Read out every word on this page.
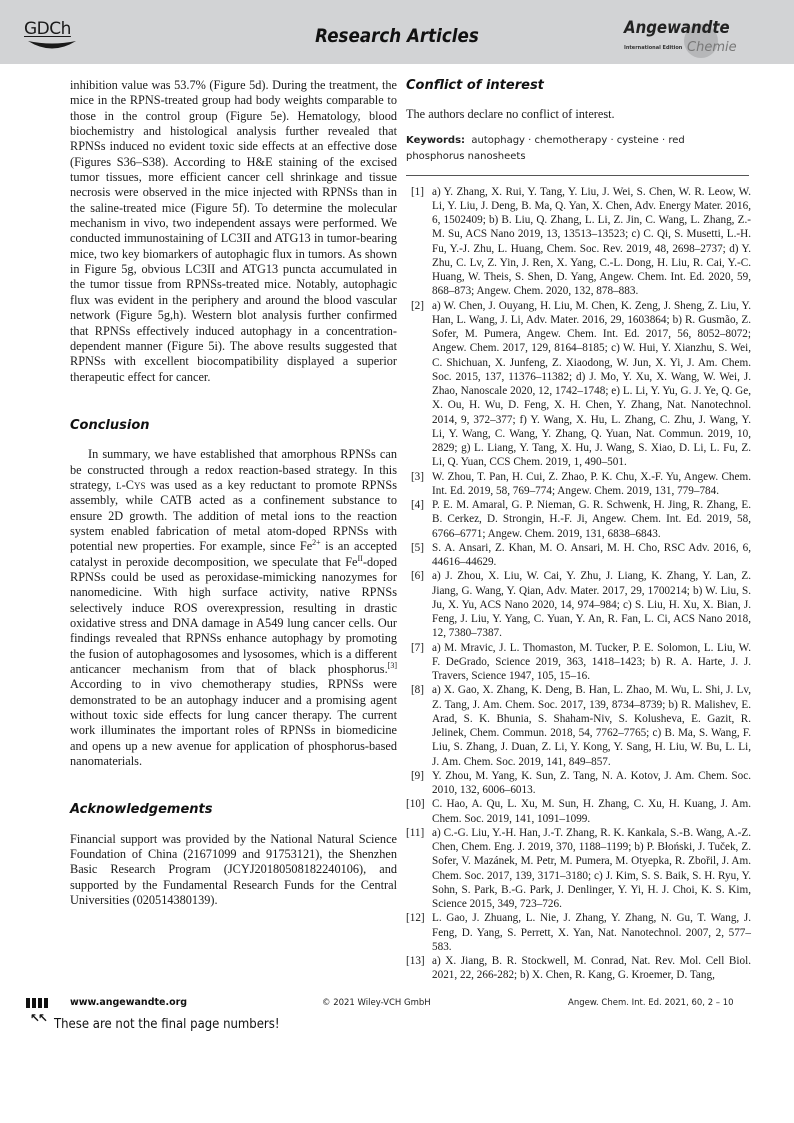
GDCh	Research Articles	Angewandte
International Edition Chemie

inhibition value was 53.7% (Figure 5d). During the treatment, the mice in the RPNS-treated group had body weights comparable to those in the control group (Figure 5e). Hematology, blood biochemistry and histological analysis further revealed that RPNSs induced no evident toxic side effects at an effective dose (Figures S36–S38). According to H&E staining of the excised tumor tissues, more efficient cancer cell shrinkage and tissue necrosis were observed in the mice injected with RPNSs than in the saline-treated mice (Figure 5f). To determine the molecular mechanism in vivo, two independent assays were performed. We conducted immunostaining of LC3II and ATG13 in tumor-bearing mice, two key biomarkers of autophagic flux in tumors. As shown in Figure 5g, obvious LC3II and ATG13 puncta accumulated in the tumor tissue from RPNSs-treated mice. Notably, autophagic flux was evident in the periphery and around the blood vascular network (Figure 5g,h). Western blot analysis further confirmed that RPNSs effectively induced autophagy in a concentration-dependent manner (Figure 5i). The above results suggested that RPNSs with excellent biocompatibility displayed a superior therapeutic effect for cancer.

Conclusion

In summary, we have established that amorphous RPNSs can be constructed through a redox reaction-based strategy. In this strategy, l-Cys was used as a key reductant to promote RPNSs assembly, while CATB acted as a confinement substance to ensure 2D growth. The addition of metal ions to the reaction system enabled fabrication of metal atom-doped RPNSs with potential new properties. For example, since $Fe^{2+}$ is an accepted catalyst in peroxide decomposition, we speculate that $Fe^{II}$-doped RPNSs could be used as peroxidase-mimicking nanozymes for nanomedicine. With high surface activity, native RPNSs selectively induce ROS overexpression, resulting in drastic oxidative stress and DNA damage in A549 lung cancer cells. Our findings revealed that RPNSs enhance autophagy by promoting the fusion of autophagosomes and lysosomes, which is a different anticancer mechanism from that of black phosphorus.[3] According to in vivo chemotherapy studies, RPNSs were demonstrated to be an autophagy inducer and a promising agent without toxic side effects for lung cancer therapy. The current work illuminates the important roles of RPNSs in biomedicine and opens up a new avenue for application of phosphorus-based nanomaterials.

Acknowledgements

Financial support was provided by the National Natural Science Foundation of China (21671099 and 91753121), the Shenzhen Basic Research Program (JCYJ20180508182240106), and supported by the Fundamental Research Funds for the Central Universities (020514380139).

Conflict of interest

The authors declare no conflict of interest.

Keywords: autophagy · chemotherapy · cysteine · red phosphorus nanosheets
[1] a) Y. Zhang, X. Rui, Y. Tang, Y. Liu, J. Wei, S. Chen, W. R. Leow, W. Li, Y. Liu, J. Deng, B. Ma, Q. Yan, X. Chen, Adv. Energy Mater. 2016, 6, 1502409; b) B. Liu, Q. Zhang, L. Li, Z. Jin, C. Wang, L. Zhang, Z.-M. Su, ACS Nano 2019, 13, 13513–13523; c) C. Qi, S. Musetti, L.-H. Fu, Y.-J. Zhu, L. Huang, Chem. Soc. Rev. 2019, 48, 2698–2737; d) Y. Zhu, C. Lv, Z. Yin, J. Ren, X. Yang, C.-L. Dong, H. Liu, R. Cai, Y.-C. Huang, W. Theis, S. Shen, D. Yang, Angew. Chem. Int. Ed. 2020, 59, 868–873; Angew. Chem. 2020, 132, 878–883.
[2] a) W. Chen, J. Ouyang, H. Liu, M. Chen, K. Zeng, J. Sheng, Z. Liu, Y. Han, L. Wang, J. Li, Adv. Mater. 2016, 29, 1603864; b) R. Gusmão, Z. Sofer, M. Pumera, Angew. Chem. Int. Ed. 2017, 56, 8052–8072; Angew. Chem. 2017, 129, 8164–8185; c) W. Hui, Y. Xianzhu, S. Wei, C. Shichuan, X. Junfeng, Z. Xiaodong, W. Jun, X. Yi, J. Am. Chem. Soc. 2015, 137, 11376–11382; d) J. Mo, Y. Xu, X. Wang, W. Wei, J. Zhao, Nanoscale 2020, 12, 1742–1748; e) L. Li, Y. Yu, G. J. Ye, Q. Ge, X. Ou, H. Wu, D. Feng, X. H. Chen, Y. Zhang, Nat. Nanotechnol. 2014, 9, 372–377; f) Y. Wang, X. Hu, L. Zhang, C. Zhu, J. Wang, Y. Li, Y. Wang, C. Wang, Y. Zhang, Q. Yuan, Nat. Commun. 2019, 10, 2829; g) L. Liang, Y. Tang, X. Hu, J. Wang, S. Xiao, D. Li, L. Fu, Z. Li, Q. Yuan, CCS Chem. 2019, 1, 490–501.
[3] W. Zhou, T. Pan, H. Cui, Z. Zhao, P. K. Chu, X.-F. Yu, Angew. Chem. Int. Ed. 2019, 58, 769–774; Angew. Chem. 2019, 131, 779–784.
[4] P. E. M. Amaral, G. P. Nieman, G. R. Schwenk, H. Jing, R. Zhang, E. B. Cerkez, D. Strongin, H.-F. Ji, Angew. Chem. Int. Ed. 2019, 58, 6766–6771; Angew. Chem. 2019, 131, 6838–6843.
[5] S. A. Ansari, Z. Khan, M. O. Ansari, M. H. Cho, RSC Adv. 2016, 6, 44616–44629.
[6] a) J. Zhou, X. Liu, W. Cai, Y. Zhu, J. Liang, K. Zhang, Y. Lan, Z. Jiang, G. Wang, Y. Qian, Adv. Mater. 2017, 29, 1700214; b) W. Liu, S. Ju, X. Yu, ACS Nano 2020, 14, 974–984; c) S. Liu, H. Xu, X. Bian, J. Feng, J. Liu, Y. Yang, C. Yuan, Y. An, R. Fan, L. Ci, ACS Nano 2018, 12, 7380–7387.
[7] a) M. Mravic, J. L. Thomaston, M. Tucker, P. E. Solomon, L. Liu, W. F. DeGrado, Science 2019, 363, 1418–1423; b) R. A. Harte, J. J. Travers, Science 1947, 105, 15–16.
[8] a) X. Gao, X. Zhang, K. Deng, B. Han, L. Zhao, M. Wu, L. Shi, J. Lv, Z. Tang, J. Am. Chem. Soc. 2017, 139, 8734–8739; b) R. Malishev, E. Arad, S. K. Bhunia, S. Shaham-Niv, S. Kolusheva, E. Gazit, R. Jelinek, Chem. Commun. 2018, 54, 7762–7765; c) B. Ma, S. Wang, F. Liu, S. Zhang, J. Duan, Z. Li, Y. Kong, Y. Sang, H. Liu, W. Bu, L. Li, J. Am. Chem. Soc. 2019, 141, 849–857.
[9] Y. Zhou, M. Yang, K. Sun, Z. Tang, N. A. Kotov, J. Am. Chem. Soc. 2010, 132, 6006–6013.
[10] C. Hao, A. Qu, L. Xu, M. Sun, H. Zhang, C. Xu, H. Kuang, J. Am. Chem. Soc. 2019, 141, 1091–1099.
[11] a) C.-G. Liu, Y.-H. Han, J.-T. Zhang, R. K. Kankala, S.-B. Wang, A.-Z. Chen, Chem. Eng. J. 2019, 370, 1188–1199; b) P. Błoński, J. Tuček, Z. Sofer, V. Mazánek, M. Petr, M. Pumera, M. Otyepka, R. Zbořil, J. Am. Chem. Soc. 2017, 139, 3171–3180; c) J. Kim, S. S. Baik, S. H. Ryu, Y. Sohn, S. Park, B.-G. Park, J. Denlinger, Y. Yi, H. J. Choi, K. S. Kim, Science 2015, 349, 723–726.
[12] L. Gao, J. Zhuang, L. Nie, J. Zhang, Y. Zhang, N. Gu, T. Wang, J. Feng, D. Yang, S. Perrett, X. Yan, Nat. Nanotechnol. 2007, 2, 577–583.
[13] a) X. Jiang, B. R. Stockwell, M. Conrad, Nat. Rev. Mol. Cell Biol. 2021, 22, 266-282; b) X. Chen, R. Kang, G. Kroemer, D. Tang,
www.angewandte.org	© 2021 Wiley-VCH GmbH	Angew. Chem. Int. Ed. 2021, 60, 2 – 10
↖↖ These are not the final page numbers!
